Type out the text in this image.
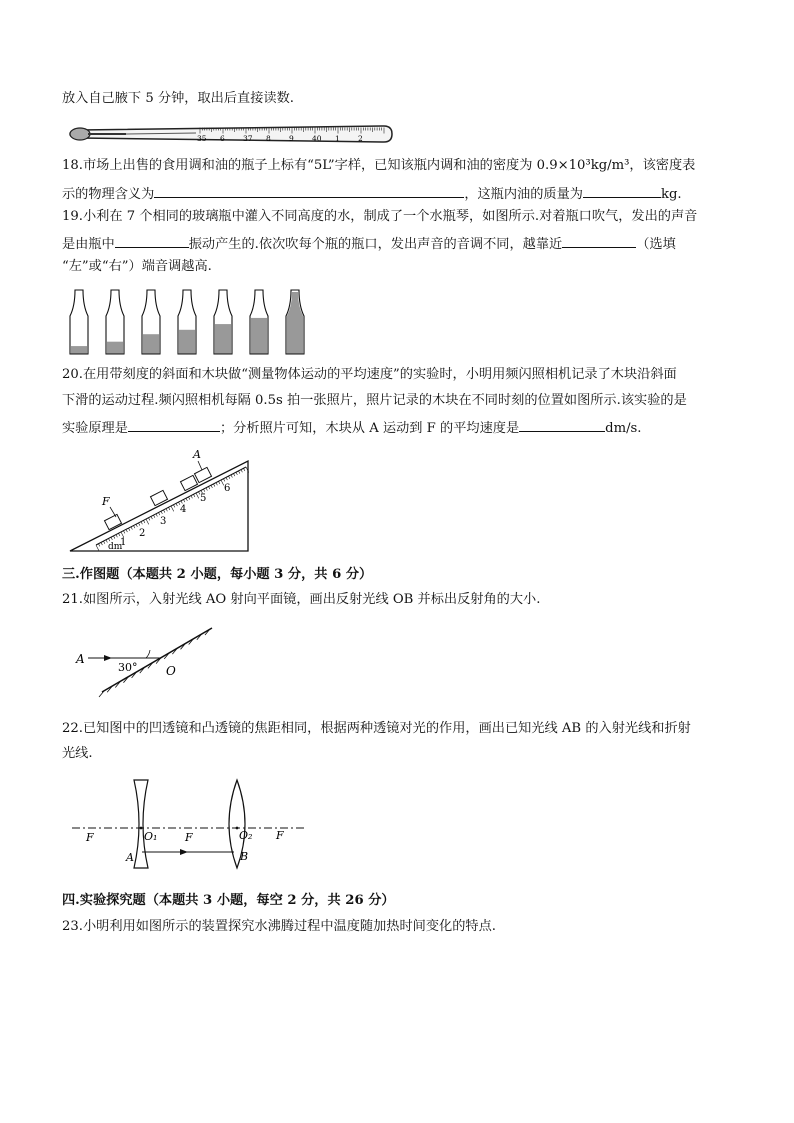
放入自己腋下 5 分钟，取出后直接读数.
35 6 37 8 9 40 1 2
18.市场上出售的食用调和油的瓶子上标有“5L”字样，已知该瓶内调和油的密度为 0.9×10³kg/m³，该密度表
示的物理含义为	，这瓶内油的质量为	kg.
19.小利在 7 个相同的玻璃瓶中灌入不同高度的水，制成了一个水瓶琴，如图所示.对着瓶口吹气，发出的声音
是由瓶中	振动产生的.依次吹每个瓶的瓶口，发出声音的音调不同，越靠近	（选填
“左”或“右”）端音调越高.
20.在用带刻度的斜面和木块做“测量物体运动的平均速度”的实验时，小明用频闪照相机记录了木块沿斜面
下滑的运动过程.频闪照相机每隔 0.5s 拍一张照片，照片记录的木块在不同时刻的位置如图所示.该实验的是
实验原理是	；分析照片可知，木块从 A 运动到 F 的平均速度是	dm/s.
F
A
dm
1
2
3
4
5
6
三.作图题（本题共 2 小题，每小题 3 分，共 6 分）
21.如图所示，入射光线 AO 射向平面镜，画出反射光线 OB 并标出反射角的大小.
A
30° O
22.已知图中的凹透镜和凸透镜的焦距相同，根据两种透镜对光的作用，画出已知光线 AB 的入射光线和折射
光线.
F	O₁	F	O₂ F
A	B
四.实验探究题（本题共 3 小题，每空 2 分，共 26 分）
23.小明利用如图所示的装置探究水沸腾过程中温度随加热时间变化的特点.
